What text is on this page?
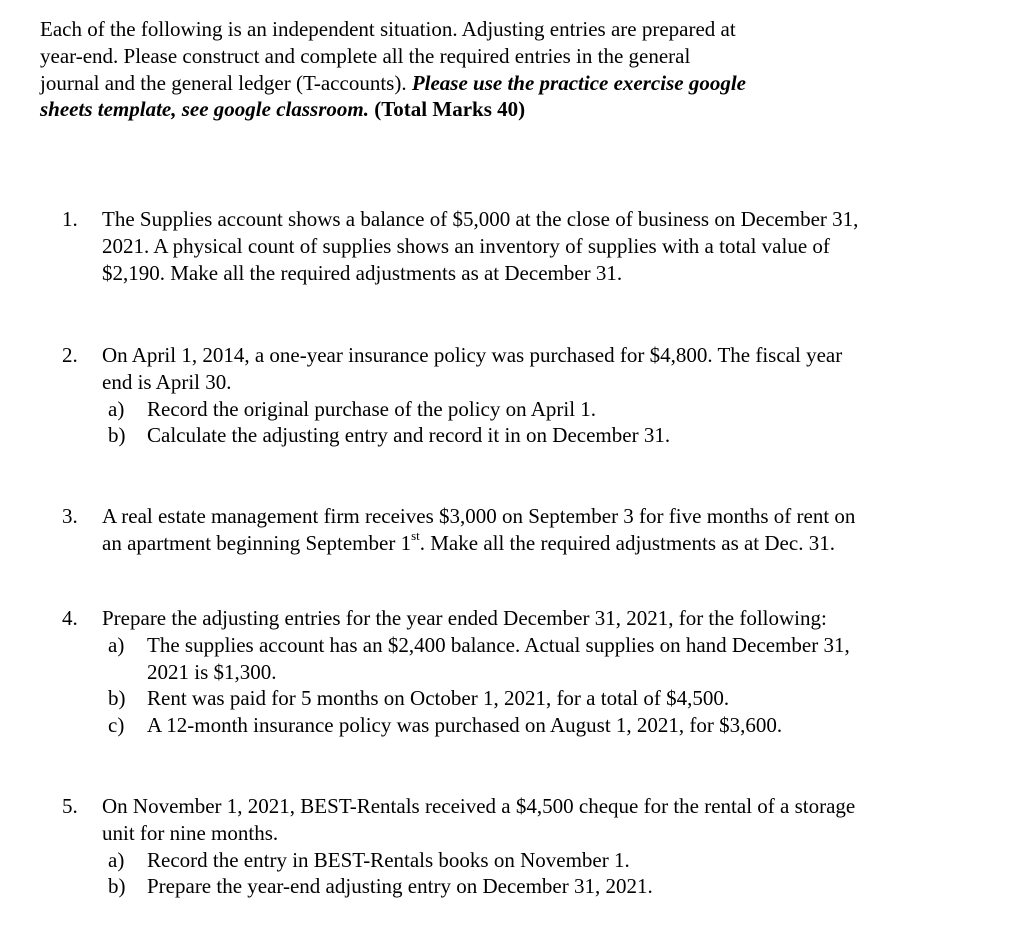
Each of the following is an independent situation. Adjusting entries are prepared at
year-end. Please construct and complete all the required entries in the general
journal and the general ledger (T-accounts). Please use the practice exercise google
sheets template, see google classroom. (Total Marks 40)
1.	The Supplies account shows a balance of $5,000 at the close of business on December 31,
2021. A physical count of supplies shows an inventory of supplies with a total value of
$2,190. Make all the required adjustments as at December 31.
2.	On April 1, 2014, a one-year insurance policy was purchased for $4,800. The fiscal year
end is April 30.
a) Record the original purchase of the policy on April 1.
b) Calculate the adjusting entry and record it in on December 31.
3.	A real estate management firm receives $3,000 on September 3 for five months of rent on
an apartment beginning September 1st. Make all the required adjustments as at Dec. 31.
4.	Prepare the adjusting entries for the year ended December 31, 2021, for the following:
a) The supplies account has an $2,400 balance. Actual supplies on hand December 31,
2021 is $1,300.
b) Rent was paid for 5 months on October 1, 2021, for a total of $4,500.
c) A 12-month insurance policy was purchased on August 1, 2021, for $3,600.
5.	On November 1, 2021, BEST-Rentals received a $4,500 cheque for the rental of a storage
unit for nine months.
a) Record the entry in BEST-Rentals books on November 1.
b) Prepare the year-end adjusting entry on December 31, 2021.
